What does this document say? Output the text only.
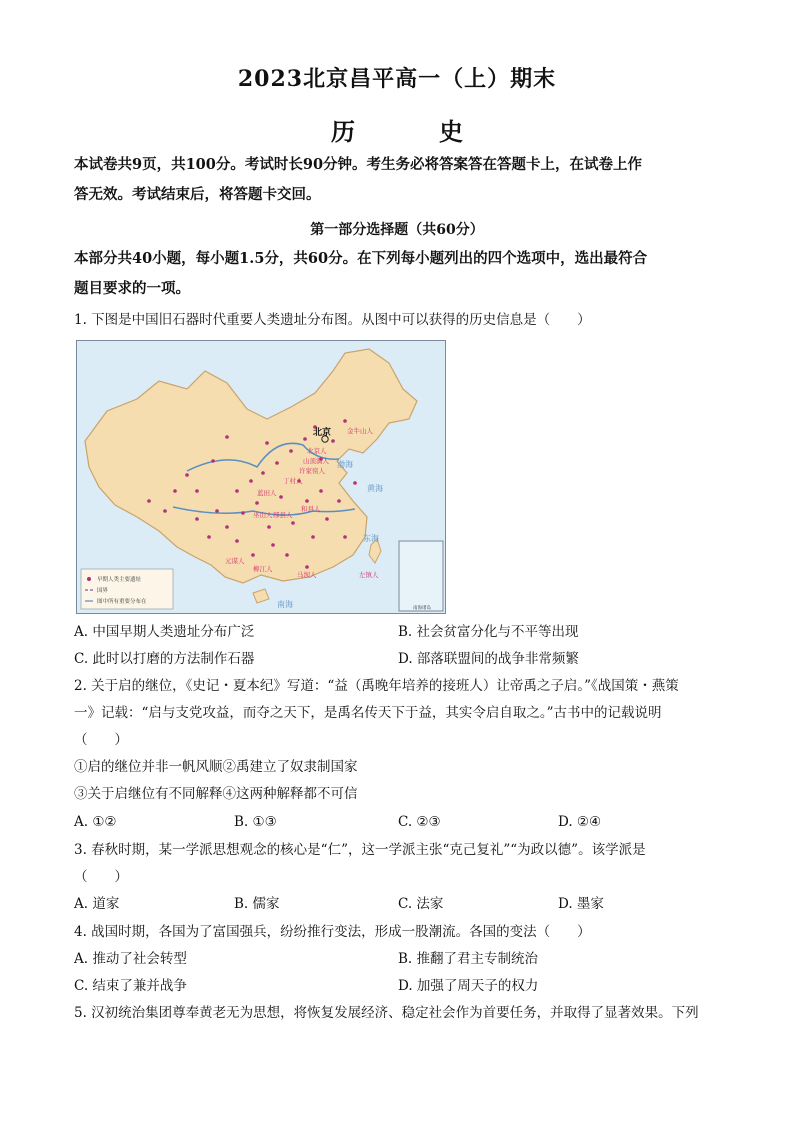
2023北京昌平高一（上）期末
历　史
本试卷共9页，共100分。考试时长90分钟。考生务必将答案答在答题卡上，在试卷上作
答无效。考试结束后，将答题卡交回。
第一部分选择题（共60分）
本部分共40小题，每小题1.5分，共60分。在下列每小题列出的四个选项中，选出最符合
题目要求的一项。
1. 下图是中国旧石器时代重要人类遗址分布图。从图中可以获得的历史信息是（　　）
北京 金牛山人
北京人
山顶洞人
许家窑人
丁村人
蓝田人
巫山人 郧县人
和县人
元谋人
柳江人
马坝人	左镇人
黄海
东海
南海
渤海
早期人类主要遗址
国界
图中所有重要分布在
南海诸岛
A. 中国早期人类遗址分布广泛	B. 社会贫富分化与不平等出现
C. 此时以打磨的方法制作石器	D. 部落联盟间的战争非常频繁
2. 关于启的继位，《史记・夏本纪》写道：“益（禹晚年培养的接班人）让帝禹之子启。”《战国策・燕策
一》记载：“启与支党攻益，而夺之天下，是禹名传天下于益，其实令启自取之。”古书中的记载说明
（　　）
①启的继位并非一帆风顺②禹建立了奴隶制国家
③关于启继位有不同解释④这两种解释都不可信
A. ①②	B. ①③	C. ②③	D. ②④
3. 春秋时期，某一学派思想观念的核心是“仁”，这一学派主张“克己复礼”“为政以德”。该学派是
（　　）
A. 道家	B. 儒家	C. 法家	D. 墨家
4. 战国时期，各国为了富国强兵，纷纷推行变法，形成一股潮流。各国的变法（　　）
A. 推动了社会转型	B. 推翻了君主专制统治
C. 结束了兼并战争	D. 加强了周天子的权力
5. 汉初统治集团尊奉黄老无为思想，将恢复发展经济、稳定社会作为首要任务，并取得了显著效果。下列
